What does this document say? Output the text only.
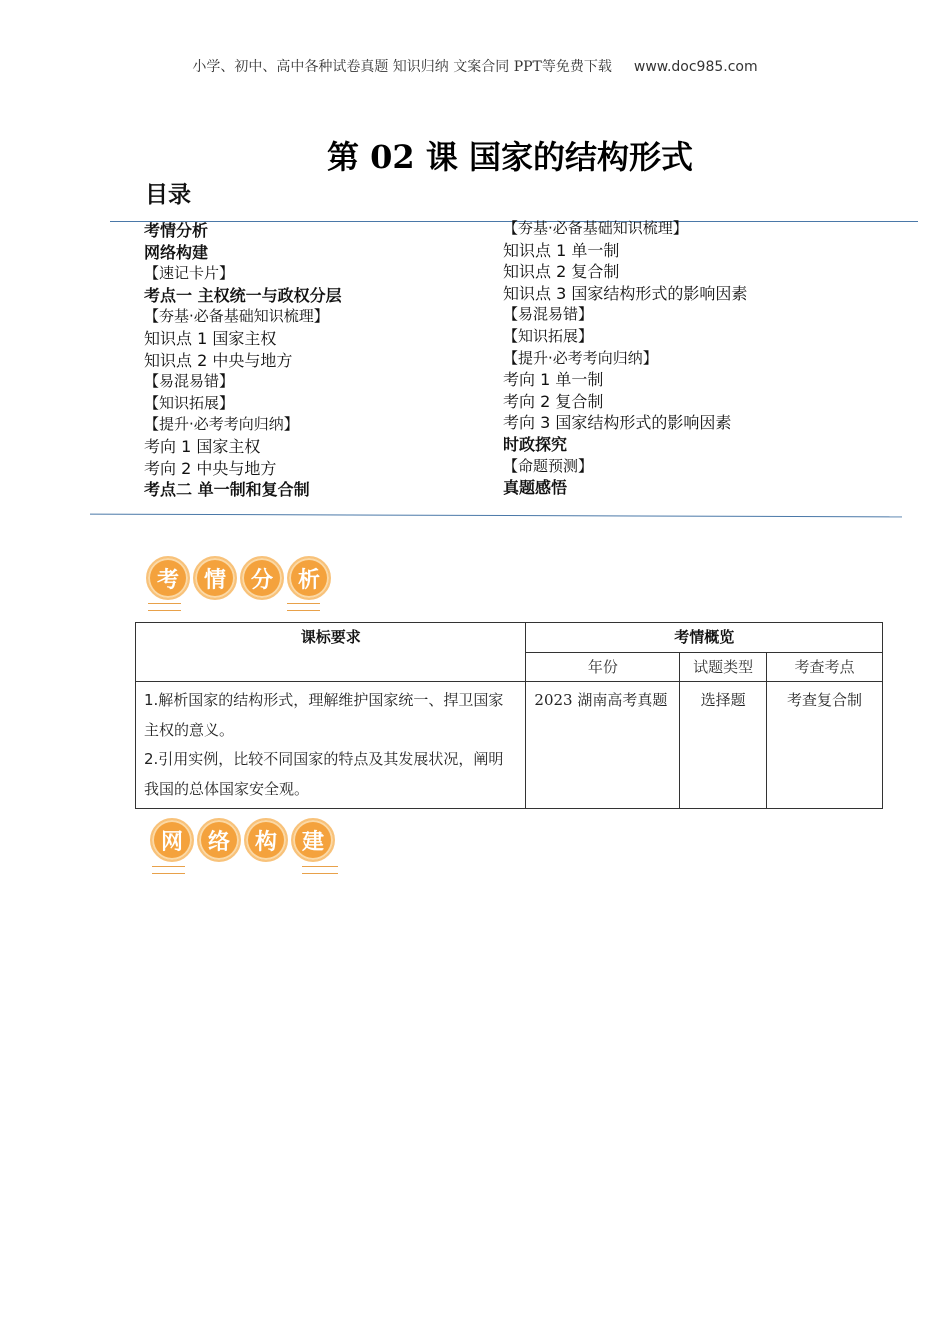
小学、初中、高中各种试卷真题 知识归纳 文案合同 PPT等免费下载 www.doc985.com
第 02 课 国家的结构形式
目录
考情分析
网络构建
【速记卡片】
考点一 主权统一与政权分层
【夯基·必备基础知识梳理】
知识点 1 国家主权
知识点 2 中央与地方
【易混易错】
【知识拓展】
【提升·必考考向归纳】
考向 1 国家主权
考向 2 中央与地方
考点二 单一制和复合制
【夯基·必备基础知识梳理】
知识点 1 单一制
知识点 2 复合制
知识点 3 国家结构形式的影响因素
【易混易错】
【知识拓展】
【提升·必考考向归纳】
考向 1 单一制
考向 2 复合制
考向 3 国家结构形式的影响因素
时政探究
【命题预测】
真题感悟
考	情	分	析
课标要求	考情概览		
	年份	试题类型	考查考点

1.解析国家的结构形式，理解维护国家统一、捍卫国家主权的意义。
2.引用实例，比较不同国家的特点及其发展状况，阐明我国的总体国家安全观。	2023 湖南高考真题	选择题	考查复合制
网	络	构	建
